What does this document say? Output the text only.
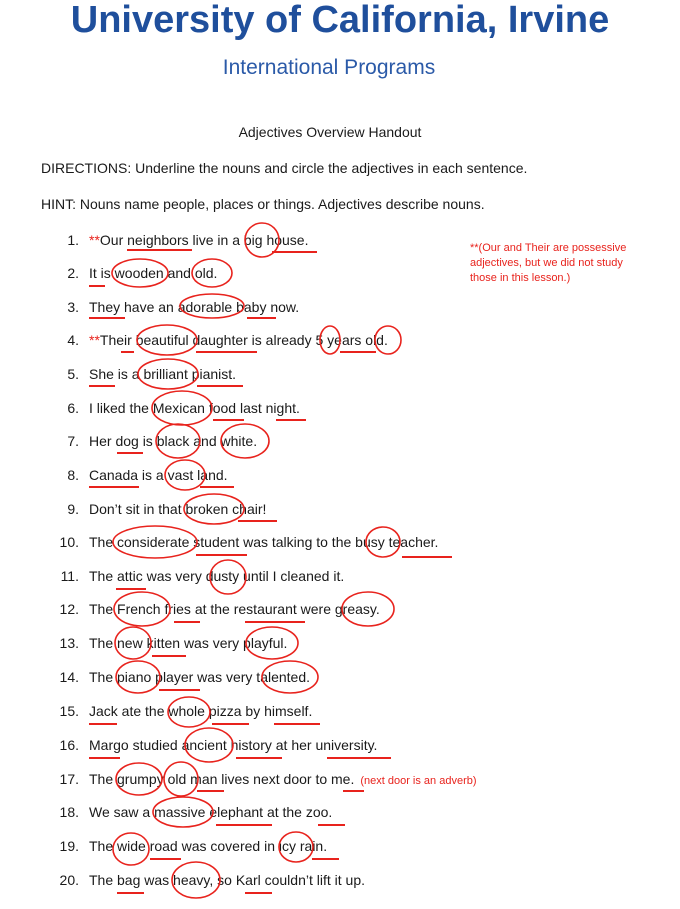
University of California, Irvine
International Programs
Adjectives Overview Handout
DIRECTIONS: Underline the nouns and circle the adjectives in each sentence.
HINT: Nouns name people, places or things. Adjectives describe nouns.
1. **Our neighbors live in a big house.
2. It is wooden and old.
3. They have an adorable baby now.
4. **Their beautiful daughter is already 5 years old.
5. She is a brilliant pianist.
6. I liked the Mexican food last night.
7. Her dog is black and white.
8. Canada is a vast land.
9. Don’t sit in that broken chair!
10. The considerate student was talking to the busy teacher.
11. The attic was very dusty until I cleaned it.
12. The French fries at the restaurant were greasy.
13. The new kitten was very playful.
14. The piano player was very talented.
15. Jack ate the whole pizza by himself.
16. Margo studied ancient history at her university.
17. The grumpy old man lives next door to me. (next door is an adverb)
18. We saw a massive elephant at the zoo.
19. The wide road was covered in icy rain.
20. The bag was heavy, so Karl couldn’t lift it up.
**(Our and Their are possessive adjectives, but we did not study those in this lesson.)
